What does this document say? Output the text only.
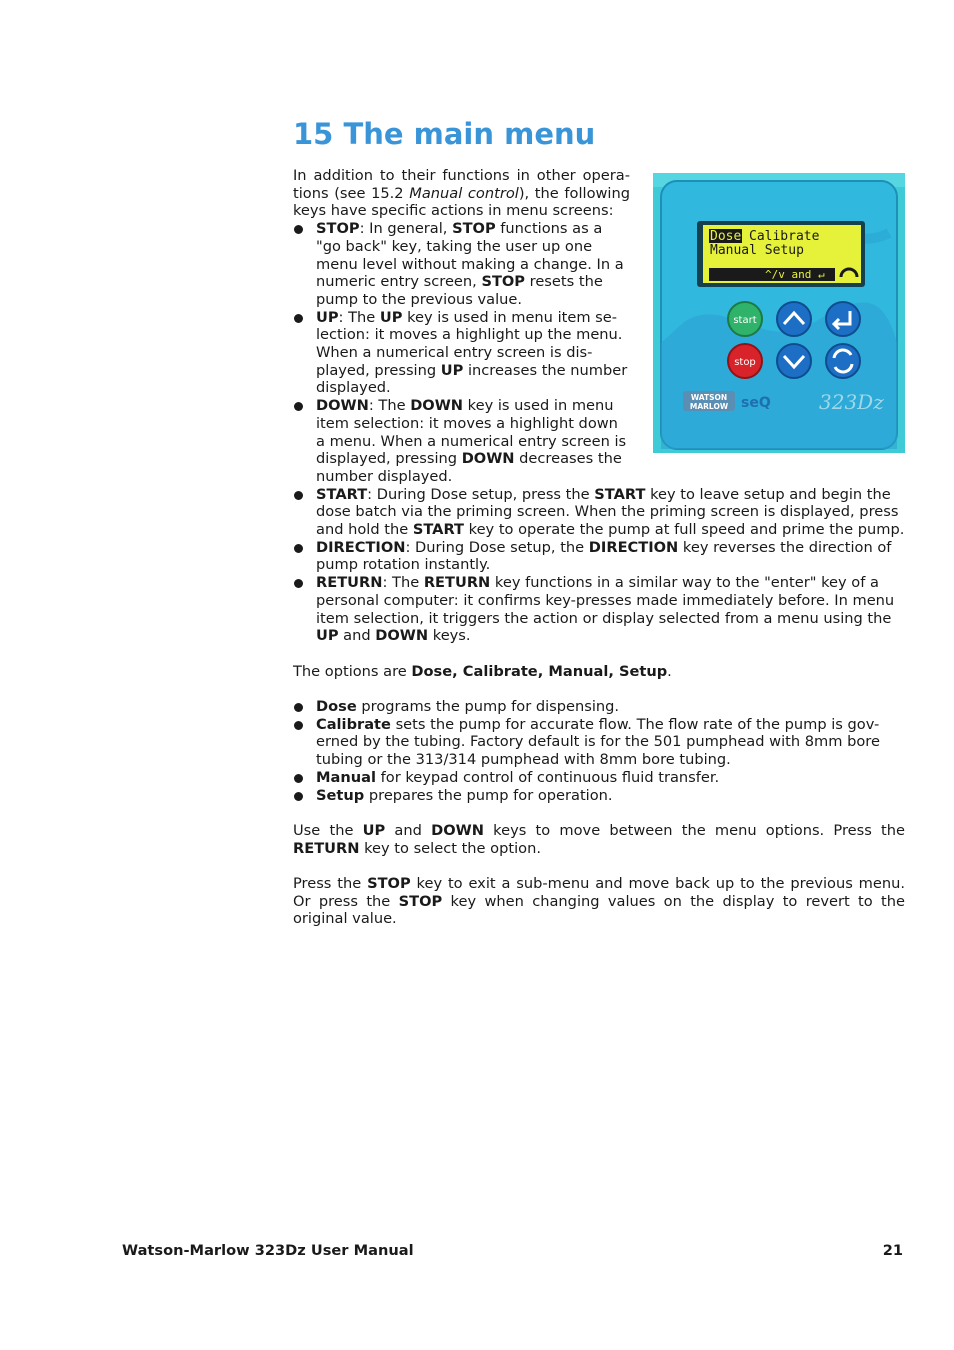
15 The main menu
Dose Calibrate
Manual Setup
^/v and ↵
start
stop
WATSON
MARLOW seQ 323Dz

In addition to their functions in other opera-tions (see 15.2 Manual control), the following keys have specific actions in menu screens:

STOP: In general, STOP functions as a "go back" key, taking the user up one menu level without making a change. In a numeric entry screen, STOP resets the pump to the previous value.
UP: The UP key is used in menu item se-lection: it moves a highlight up the menu. When a numerical entry screen is dis-played, pressing UP increases the number displayed.
DOWN: The DOWN key is used in menu item selection: it moves a highlight down a menu. When a numerical entry screen is displayed, pressing DOWN decreases the number displayed.
START: During Dose setup, press the START key to leave setup and begin the dose batch via the priming screen. When the priming screen is displayed, press and hold the START key to operate the pump at full speed and prime the pump.
DIRECTION: During Dose setup, the DIRECTION key reverses the direction of pump rotation instantly.
RETURN: The RETURN key functions in a similar way to the "enter" key of a personal computer: it confirms key-presses made immediately before. In menu item selection, it triggers the action or display selected from a menu using the UP and DOWN keys.

The options are Dose, Calibrate, Manual, Setup.

Dose programs the pump for dispensing.
Calibrate sets the pump for accurate flow. The flow rate of the pump is gov-erned by the tubing. Factory default is for the 501 pumphead with 8mm bore tubing or the 313/314 pumphead with 8mm bore tubing.
Manual for keypad control of continuous fluid transfer.
Setup prepares the pump for operation.

Use the UP and DOWN keys to move between the menu options. Press the RETURN key to select the option.

Press the STOP key to exit a sub-menu and move back up to the previous menu. Or press the STOP key when changing values on the display to revert to the original value.

Watson-Marlow 323Dz User Manual	21
